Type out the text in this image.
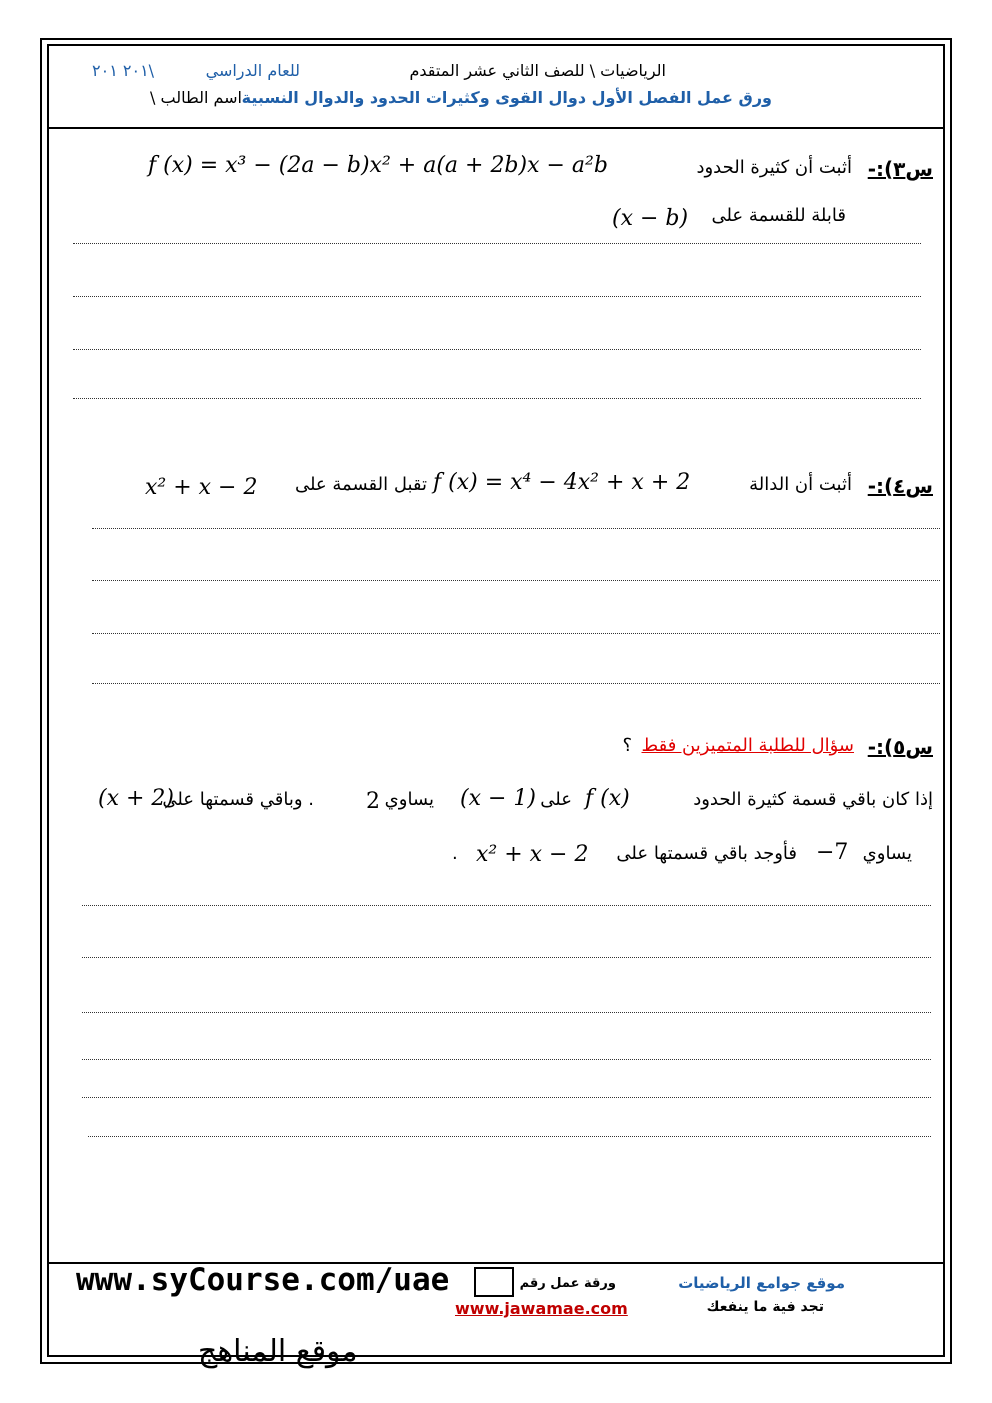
الرياضيات \ للصف الثاني عشر المتقدم
للعام الدراسي
٢٠١ ٢٠١\
ورق عمل الفصل الأول دوال القوى وكثيرات الحدود والدوال النسبية
اسم الطالب \
س٣):-
أثبت أن كثيرة الحدود
f (x) = x³ − (2a − b)x² + a(a + 2b)x − a²b
قابلة للقسمة على
(x − b)
س٤):-
أثبت أن الدالة
f (x) = x⁴ − 4x² + x + 2
تقبل القسمة على
x² + x − 2
س٥):-
سؤال للطلبة المتميزين فقط
؟
إذا كان باقي قسمة كثيرة الحدود
f (x)
على
(x − 1)
يساوي
2
. وباقي قسمتها على
(x + 2)
يساوي
−7
فأوجد باقي قسمتها على
x² + x − 2
.
www.syCourse.com/uae	ورقة عمل رقم	موقع جوامع الرياضيات
تجد فية ما ينفعك
www.jawamae.com
موقع المناهج
